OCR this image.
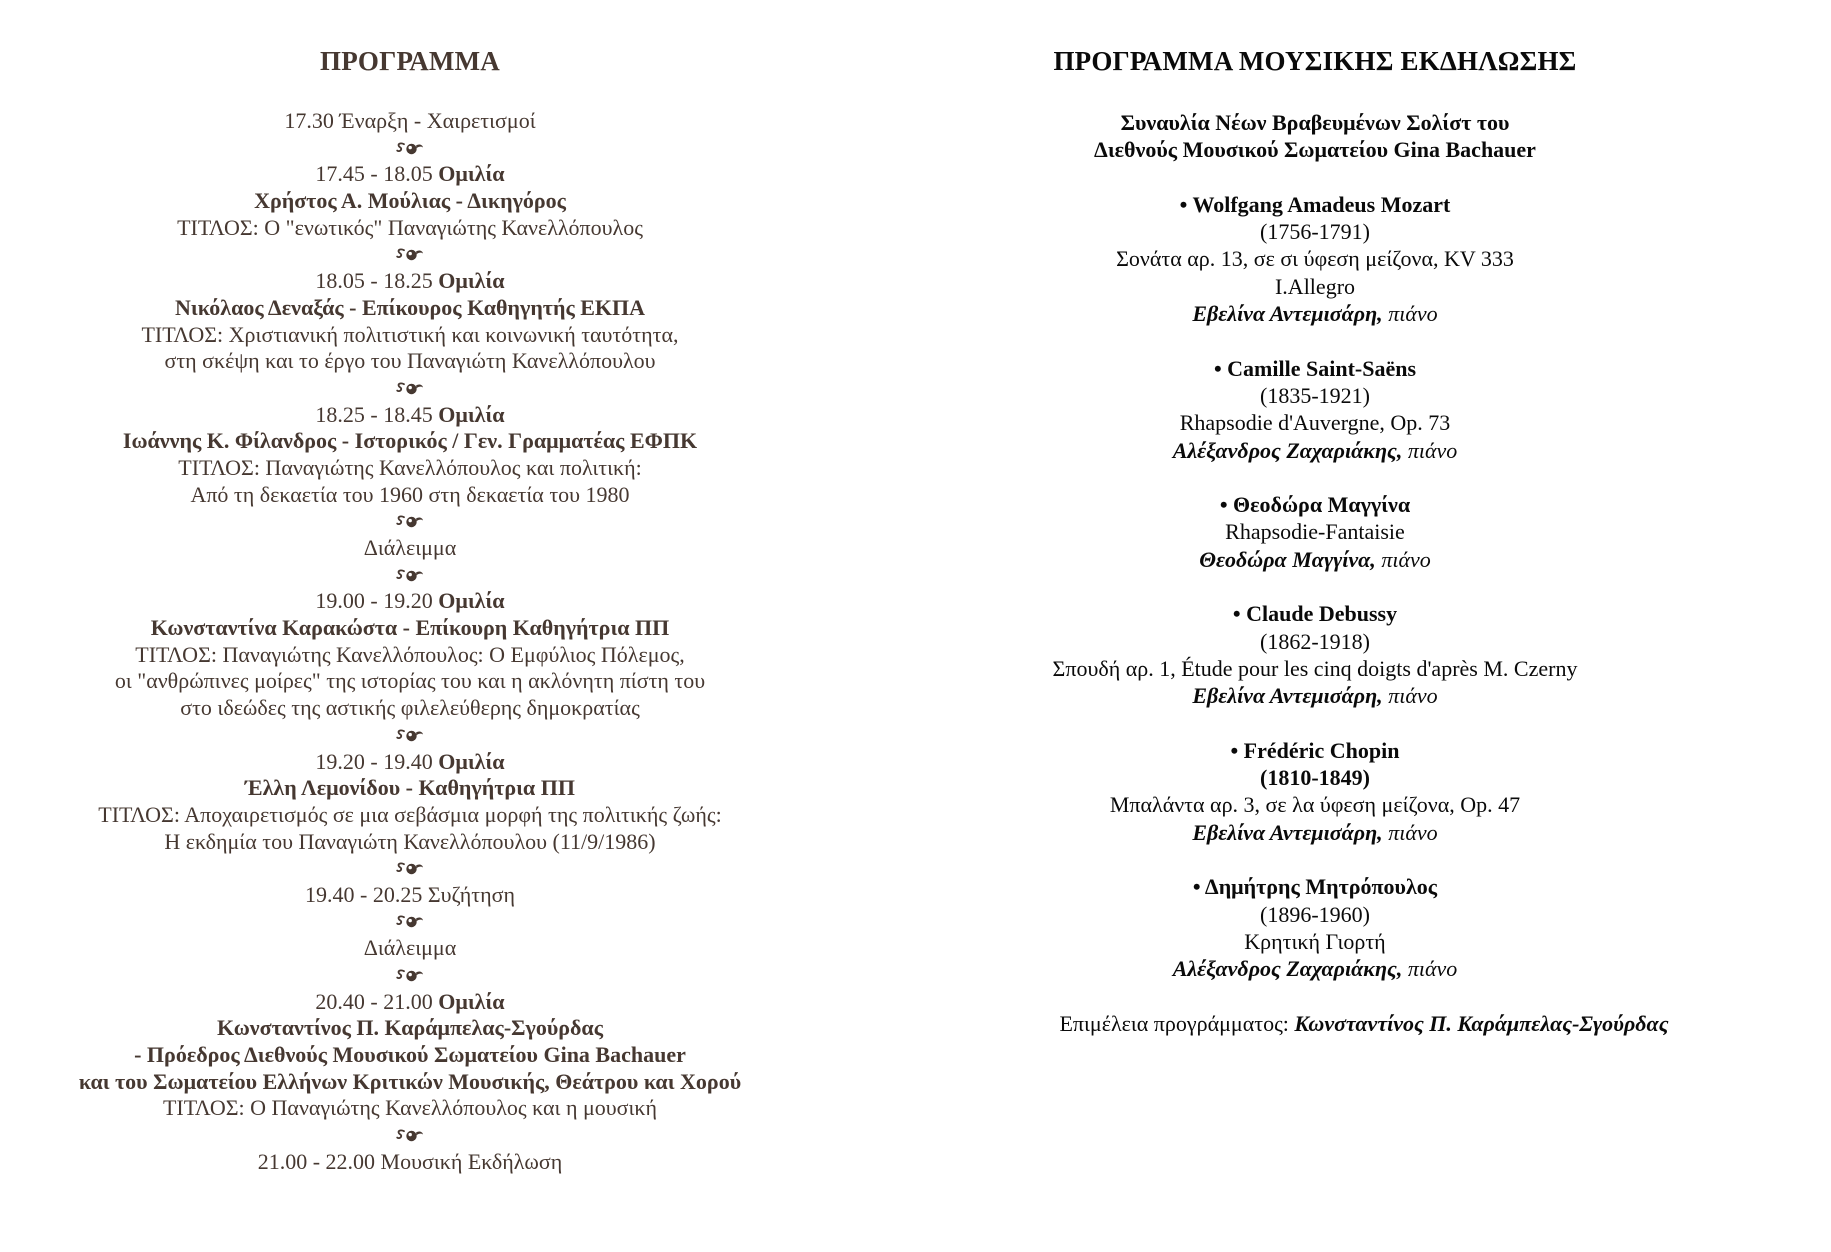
ΠΡΟΓΡΑΜΜΑ	ΠΡΟΓΡΑΜΜΑ ΜΟΥΣΙΚΗΣ ΕΚΔΗΛΩΣΗΣ
17.30 Έναρξη - Χαιρετισμοί
17.45 - 18.05 Ομιλία
Χρήστος Α. Μούλιας - Δικηγόρος
ΤΙΤΛΟΣ: Ο "ενωτικός" Παναγιώτης Κανελλόπουλος
18.05 - 18.25 Ομιλία
Νικόλαος Δεναξάς - Επίκουρος Καθηγητής ΕΚΠΑ
ΤΙΤΛΟΣ: Χριστιανική πολιτιστική και κοινωνική ταυτότητα,
στη σκέψη και το έργο του Παναγιώτη Κανελλόπουλου
18.25 - 18.45 Ομιλία
Ιωάννης Κ. Φίλανδρος - Ιστορικός / Γεν. Γραμματέας ΕΦΠΚ
ΤΙΤΛΟΣ: Παναγιώτης Κανελλόπουλος και πολιτική:
Από τη δεκαετία του 1960 στη δεκαετία του 1980
Διάλειμμα
19.00 - 19.20 Ομιλία
Κωνσταντίνα Καρακώστα - Επίκουρη Καθηγήτρια ΠΠ
ΤΙΤΛΟΣ: Παναγιώτης Κανελλόπουλος: Ο Εμφύλιος Πόλεμος,
οι "ανθρώπινες μοίρες" της ιστορίας του και η ακλόνητη πίστη του
στο ιδεώδες της αστικής φιλελεύθερης δημοκρατίας
19.20 - 19.40 Ομιλία
Έλλη Λεμονίδου - Καθηγήτρια ΠΠ
ΤΙΤΛΟΣ: Αποχαιρετισμός σε μια σεβάσμια μορφή της πολιτικής ζωής:
Η εκδημία του Παναγιώτη Κανελλόπουλου (11/9/1986)
19.40 - 20.25 Συζήτηση
Διάλειμμα
20.40 - 21.00 Ομιλία
Κωνσταντίνος Π. Καράμπελας-Σγούρδας
- Πρόεδρος Διεθνούς Μουσικού Σωματείου Gina Bachauer
και του Σωματείου Ελλήνων Κριτικών Μουσικής, Θεάτρου και Χορού
ΤΙΤΛΟΣ: Ο Παναγιώτης Κανελλόπουλος και η μουσική
21.00 - 22.00 Μουσική Εκδήλωση
Συναυλία Νέων Βραβευμένων Σολίστ του
Διεθνούς Μουσικού Σωματείου Gina Bachauer

• Wolfgang Amadeus Mozart
(1756-1791)
Σονάτα αρ. 13, σε σι ύφεση μείζονα, KV 333
I.Allegro
Εβελίνα Αντεμισάρη, πιάνο

• Camille Saint-Saëns
(1835-1921)
Rhapsodie d'Auvergne, Op. 73
Αλέξανδρος Ζαχαριάκης, πιάνο

• Θεοδώρα Μαγγίνα
Rhapsodie-Fantaisie
Θεοδώρα Μαγγίνα, πιάνο

• Claude Debussy
(1862-1918)
Σπουδή αρ. 1, Étude pour les cinq doigts d'après M. Czerny
Εβελίνα Αντεμισάρη, πιάνο

• Frédéric Chopin
(1810-1849)
Μπαλάντα αρ. 3, σε λα ύφεση μείζονα, Op. 47
Εβελίνα Αντεμισάρη, πιάνο

• Δημήτρης Μητρόπουλος
(1896-1960)
Κρητική Γιορτή
Αλέξανδρος Ζαχαριάκης, πιάνο

Επιμέλεια προγράμματος: Κωνσταντίνος Π. Καράμπελας-Σγούρδας
